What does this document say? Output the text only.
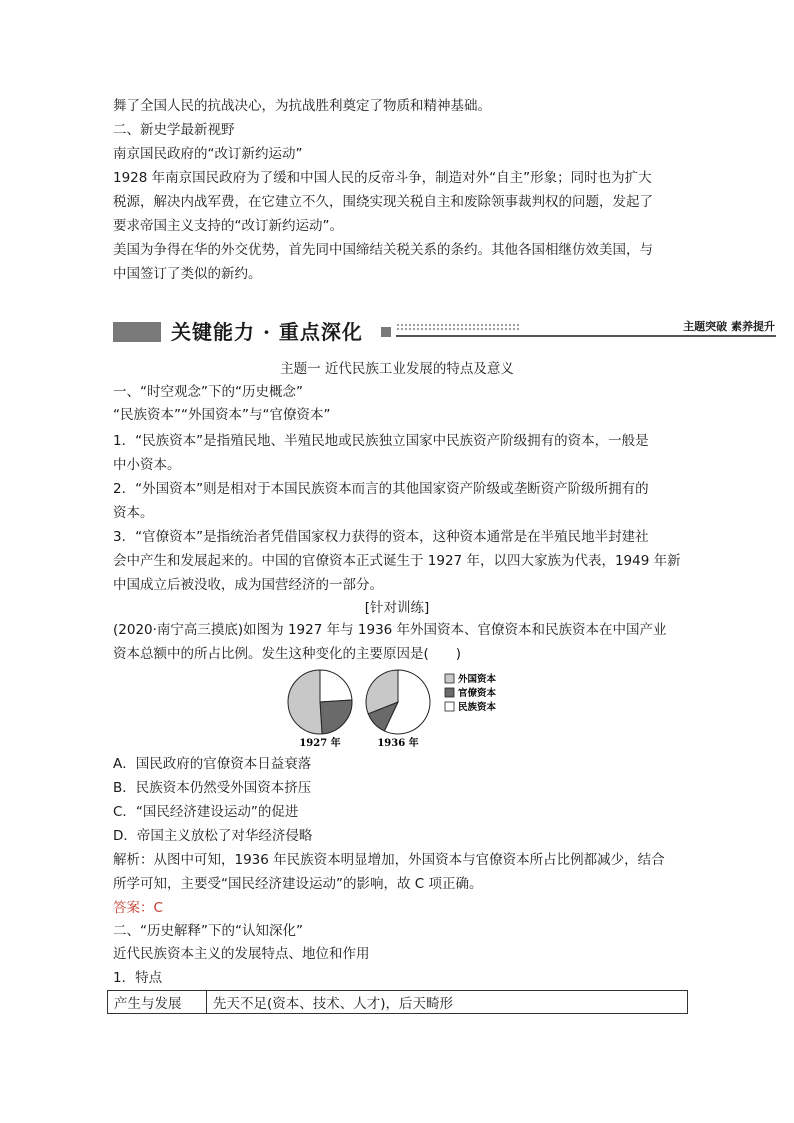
舞了全国人民的抗战决心，为抗战胜利奠定了物质和精神基础。
二、新史学最新视野
南京国民政府的“改订新约运动”
1928 年南京国民政府为了缓和中国人民的反帝斗争，制造对外“自主”形象；同时也为扩大
税源，解决内战军费，在它建立不久，围绕实现关税自主和废除领事裁判权的问题，发起了
要求帝国主义支持的“改订新约运动”。
美国为争得在华的外交优势，首先同中国缔结关税关系的条约。其他各国相继仿效美国，与
中国签订了类似的新约。
关键能力 · 重点深化	主题突破 素养提升
主题一 近代民族工业发展的特点及意义
一、“时空观念”下的“历史概念”
“民族资本”“外国资本”与“官僚资本”
1．“民族资本”是指殖民地、半殖民地或民族独立国家中民族资产阶级拥有的资本，一般是
中小资本。
2．“外国资本”则是相对于本国民族资本而言的其他国家资产阶级或垄断资产阶级所拥有的
资本。
3．“官僚资本”是指统治者凭借国家权力获得的资本，这种资本通常是在半殖民地半封建社
会中产生和发展起来的。中国的官僚资本正式诞生于 1927 年，以四大家族为代表，1949 年新
中国成立后被没收，成为国营经济的一部分。
[针对训练]
(2020·南宁高三摸底)如图为 1927 年与 1936 年外国资本、官僚资本和民族资本在中国产业
资本总额中的所占比例。发生这种变化的主要原因是(　　)
1927 年	1936 年
外国资本
官僚资本
民族资本
A．国民政府的官僚资本日益衰落
B．民族资本仍然受外国资本挤压
C．“国民经济建设运动”的促进
D．帝国主义放松了对华经济侵略
解析：从图中可知，1936 年民族资本明显增加，外国资本与官僚资本所占比例都减少，结合
所学可知，主要受“国民经济建设运动”的影响，故 C 项正确。
答案：C
二、“历史解释”下的“认知深化”
近代民族资本主义的发展特点、地位和作用
1．特点
产生与发展	先天不足(资本、技术、人才)，后天畸形
